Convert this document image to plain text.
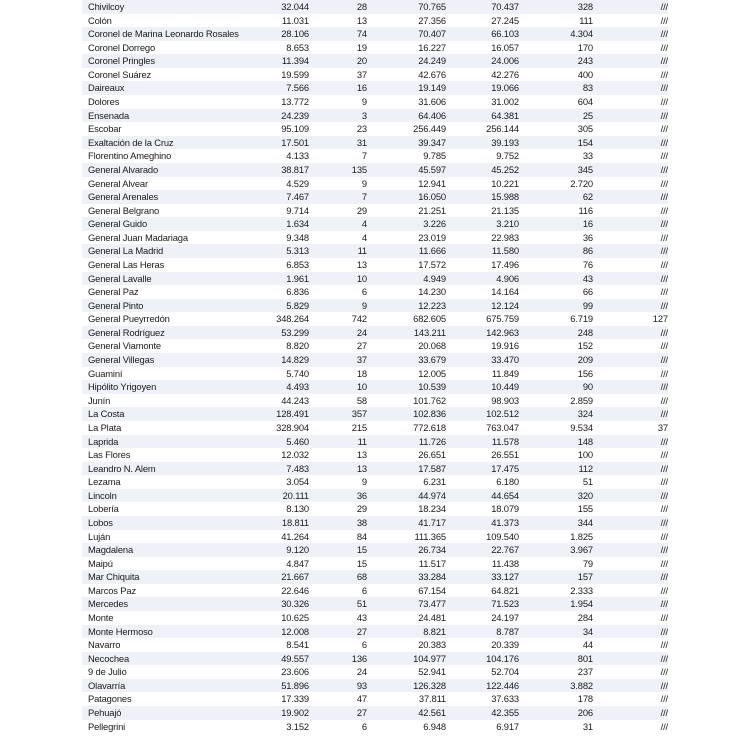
Chivilcoy	32.044	28	70.765	70.437	328	///
Colón	11.031	13	27.356	27.245	111	///
Coronel de Marina Leonardo Rosales	28.106	74	70.407	66.103	4.304	///
Coronel Dorrego	8.653	19	16.227	16.057	170	///
Coronel Pringles	11.394	20	24.249	24.006	243	///
Coronel Suárez	19.599	37	42.676	42.276	400	///
Daireaux	7.566	16	19.149	19.066	83	///
Dolores	13.772	9	31.606	31.002	604	///
Ensenada	24.239	3	64.406	64.381	25	///
Escobar	95.109	23	256.449	256.144	305	///
Exaltación de la Cruz	17.501	31	39.347	39.193	154	///
Florentino Ameghino	4.133	7	9.785	9.752	33	///
General Alvarado	38.817	135	45.597	45.252	345	///
General Alvear	4.529	9	12.941	10.221	2.720	///
General Arenales	7.467	7	16.050	15.988	62	///
General Belgrano	9.714	29	21.251	21.135	116	///
General Guido	1.634	4	3.226	3.210	16	///
General Juan Madariaga	9.348	4	23.019	22.983	36	///
General La Madrid	5.313	11	11.666	11.580	86	///
General Las Heras	6.853	13	17.572	17.496	76	///
General Lavalle	1.961	10	4.949	4.906	43	///
General Paz	6.836	6	14.230	14.164	66	///
General Pinto	5.829	9	12.223	12.124	99	///
General Pueyrredón	348.264	742	682.605	675.759	6.719	127
General Rodríguez	53.299	24	143.211	142.963	248	///
General Viamonte	8.820	27	20.068	19.916	152	///
General Villegas	14.829	37	33.679	33.470	209	///
Guaminí	5.740	18	12.005	11.849	156	///
Hipólito Yrigoyen	4.493	10	10.539	10.449	90	///
Junín	44.243	58	101.762	98.903	2.859	///
La Costa	128.491	357	102.836	102.512	324	///
La Plata	328.904	215	772.618	763.047	9.534	37
Laprida	5.460	11	11.726	11.578	148	///
Las Flores	12.032	13	26.651	26.551	100	///
Leandro N. Alem	7.483	13	17.587	17.475	112	///
Lezama	3.054	9	6.231	6.180	51	///
Lincoln	20.111	36	44.974	44.654	320	///
Lobería	8.130	29	18.234	18.079	155	///
Lobos	18.811	38	41.717	41.373	344	///
Luján	41.264	84	111.365	109.540	1.825	///
Magdalena	9.120	15	26.734	22.767	3.967	///
Maipú	4.847	15	11.517	11.438	79	///
Mar Chiquita	21.667	68	33.284	33.127	157	///
Marcos Paz	22.646	6	67.154	64.821	2.333	///
Mercedes	30.326	51	73.477	71.523	1.954	///
Monte	10.625	43	24.481	24.197	284	///
Monte Hermoso	12.008	27	8.821	8.787	34	///
Navarro	8.541	6	20.383	20.339	44	///
Necochea	49.557	136	104.977	104.176	801	///
9 de Julio	23.606	24	52.941	52.704	237	///
Olavarría	51.896	93	126.328	122.446	3.882	///
Patagones	17.339	47	37.811	37.633	178	///
Pehuajó	19.902	27	42.561	42.355	206	///
Pellegrini	3.152	6	6.948	6.917	31	///
